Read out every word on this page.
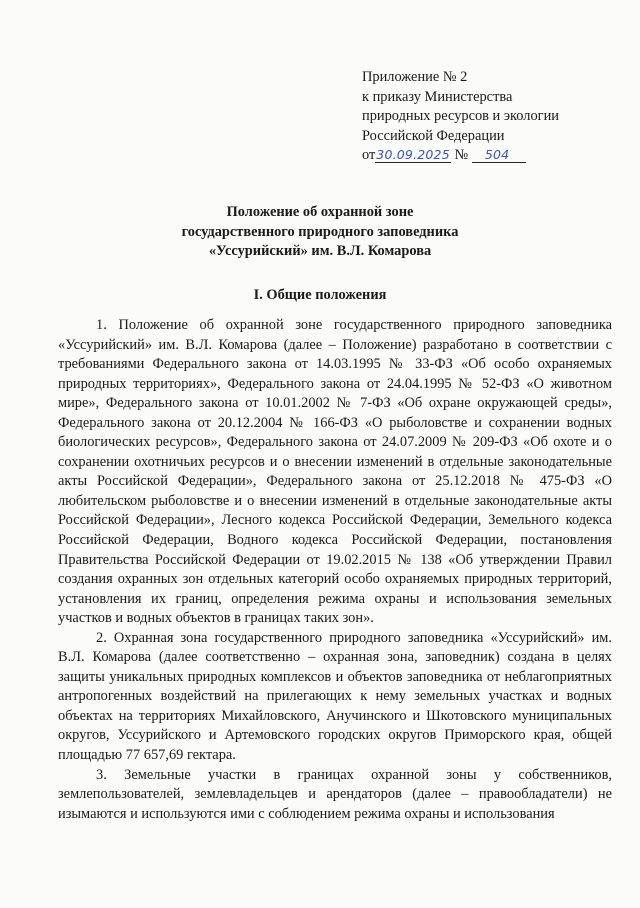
Приложение № 2
к приказу Министерства
природных ресурсов и экологии
Российской Федерации
от30.09.2025 № 504
Положение об охранной зоне
государственного природного заповедника
«Уссурийский» им. В.Л. Комарова
I. Общие положения

1. Положение об охранной зоне государственного природного заповедника «Уссурийский» им. В.Л. Комарова (далее – Положение) разработано в соответствии с требованиями Федерального закона от 14.03.1995 № 33-ФЗ «Об особо охраняемых природных территориях», Федерального закона от 24.04.1995 № 52-ФЗ «О животном мире», Федерального закона от 10.01.2002 № 7-ФЗ «Об охране окружающей среды», Федерального закона от 20.12.2004 № 166-ФЗ «О рыболовстве и сохранении водных биологических ресурсов», Федерального закона от 24.07.2009 № 209-ФЗ «Об охоте и о сохранении охотничьих ресурсов и о внесении изменений в отдельные законодательные акты Российской Федерации», Федерального закона от 25.12.2018 № 475-ФЗ «О любительском рыболовстве и о внесении изменений в отдельные законодательные акты Российской Федерации», Лесного кодекса Российской Федерации, Земельного кодекса Российской Федерации, Водного кодекса Российской Федерации, постановления Правительства Российской Федерации от 19.02.2015 № 138 «Об утверждении Правил создания охранных зон отдельных категорий особо охраняемых природных территорий, установления их границ, определения режима охраны и использования земельных участков и водных объектов в границах таких зон».

2. Охранная зона государственного природного заповедника «Уссурийский» им. В.Л. Комарова (далее соответственно – охранная зона, заповедник) создана в целях защиты уникальных природных комплексов и объектов заповедника от неблагоприятных антропогенных воздействий на прилегающих к нему земельных участках и водных объектах на территориях Михайловского, Анучинского и Шкотовского муниципальных округов, Уссурийского и Артемовского городских округов Приморского края, общей площадью 77 657,69 гектара.

3. Земельные участки в границах охранной зоны у собственников, землепользователей, землевладельцев и арендаторов (далее – правообладатели) не изымаются и используются ими с соблюдением режима охраны и использования
